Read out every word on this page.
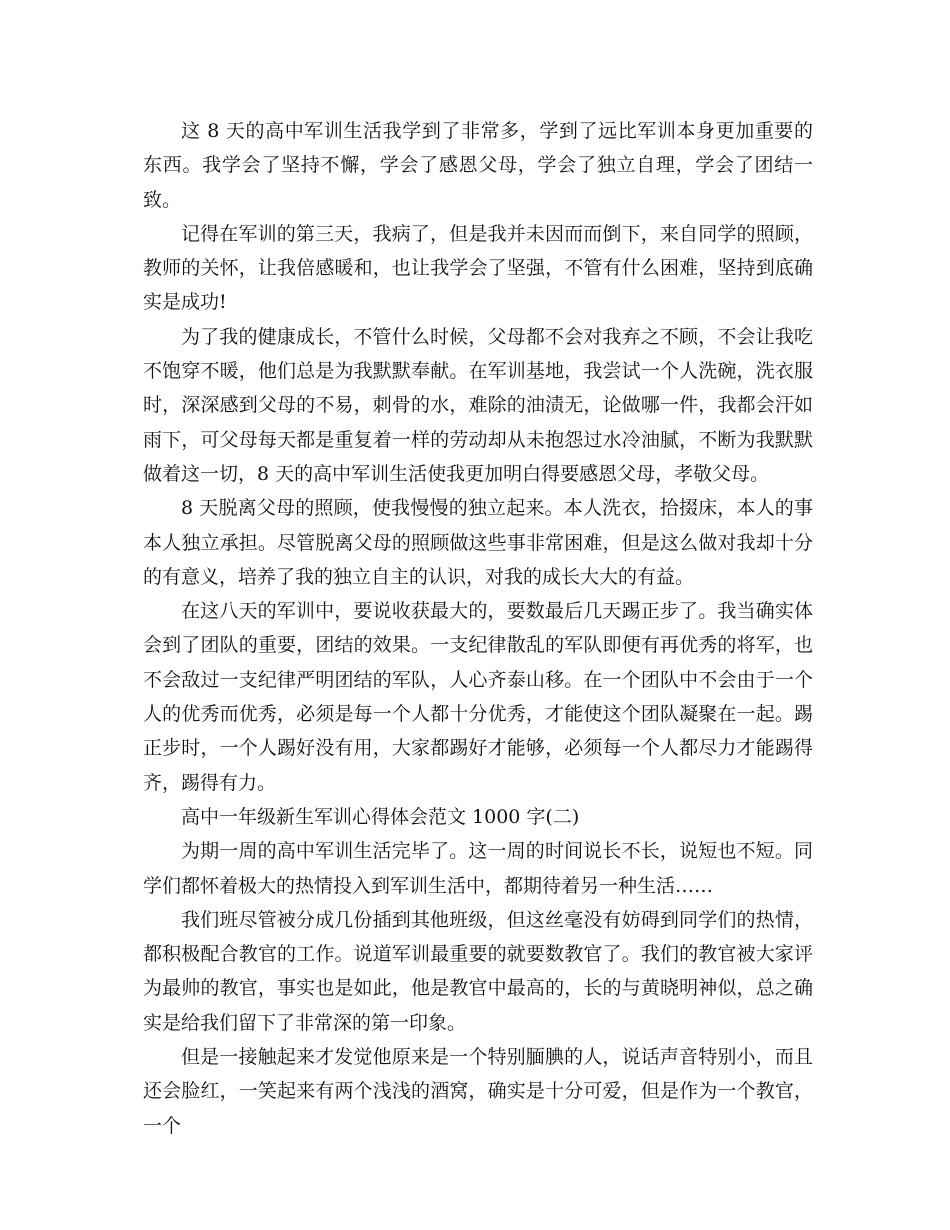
这 8 天的高中军训生活我学到了非常多，学到了远比军训本身更加重要的东西。我学会了坚持不懈，学会了感恩父母，学会了独立自理，学会了团结一致。

记得在军训的第三天，我病了，但是我并未因而而倒下，来自同学的照顾，教师的关怀，让我倍感暖和，也让我学会了坚强，不管有什么困难，坚持到底确实是成功!

为了我的健康成长，不管什么时候，父母都不会对我弃之不顾，不会让我吃不饱穿不暖，他们总是为我默默奉献。在军训基地，我尝试一个人洗碗，洗衣服时，深深感到父母的不易，刺骨的水，难除的油渍无，论做哪一件，我都会汗如雨下，可父母每天都是重复着一样的劳动却从未抱怨过水冷油腻，不断为我默默做着这一切，8 天的高中军训生活使我更加明白得要感恩父母，孝敬父母。

8 天脱离父母的照顾，使我慢慢的独立起来。本人洗衣，拾掇床，本人的事本人独立承担。尽管脱离父母的照顾做这些事非常困难，但是这么做对我却十分的有意义，培养了我的独立自主的认识，对我的成长大大的有益。

在这八天的军训中，要说收获最大的，要数最后几天踢正步了。我当确实体会到了团队的重要，团结的效果。一支纪律散乱的军队即便有再优秀的将军，也不会敌过一支纪律严明团结的军队，人心齐泰山移。在一个团队中不会由于一个人的优秀而优秀，必须是每一个人都十分优秀，才能使这个团队凝聚在一起。踢正步时，一个人踢好没有用，大家都踢好才能够，必须每一个人都尽力才能踢得齐，踢得有力。

高中一年级新生军训心得体会范文 1000 字(二)

为期一周的高中军训生活完毕了。这一周的时间说长不长，说短也不短。同学们都怀着极大的热情投入到军训生活中，都期待着另一种生活……

我们班尽管被分成几份插到其他班级，但这丝毫没有妨碍到同学们的热情，都积极配合教官的工作。说道军训最重要的就要数教官了。我们的教官被大家评为最帅的教官，事实也是如此，他是教官中最高的，长的与黄晓明神似，总之确实是给我们留下了非常深的第一印象。

但是一接触起来才发觉他原来是一个特别腼腆的人，说话声音特别小，而且还会脸红，一笑起来有两个浅浅的酒窝，确实是十分可爱，但是作为一个教官，一个
